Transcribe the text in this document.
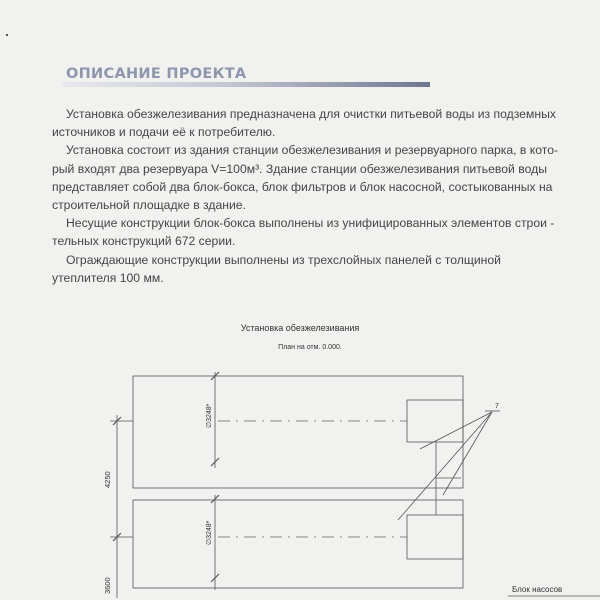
ОПИСАНИЕ ПРОЕКТА

Установка обезжелезивания предназначена для очистки питьевой воды из подземных

источников и подачи её к потребителю.

Установка состоит из здания станции обезжелезивания и резервуарного парка, в кото-

рый входят два резервуара V=100м³. Здание станции обезжелезивания питьевой воды

представляет собой два блок-бокса, блок фильтров и блок насосной, состыкованных на

строительной площадке в здание.

Несущие конструкции блок-бокса выполнены из унифицированных элементов строи -

тельных конструкций 672 серии.

Ограждающие конструкции выполнены из трехслойных панелей с толщиной

утеплителя 100 мм.

Установка обезжелезивания
План на отм. 0.000.
∅3248*
∅3248*
4250
3600
7
Блок насосов
